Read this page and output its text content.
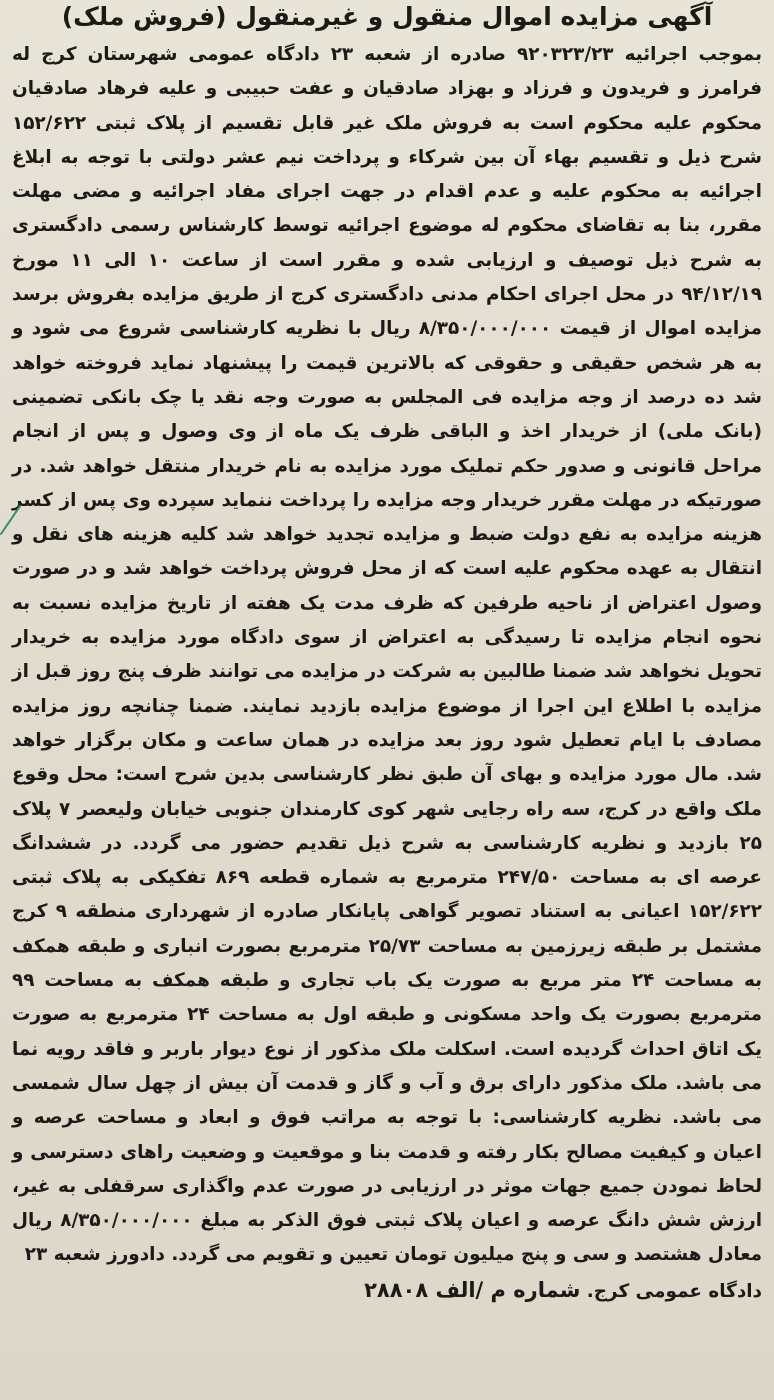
آگهی مزایده اموال منقول و غیرمنقول (فروش ملک)

بموجب اجرائیه ۹۲۰۳۲۳/۲۳ صادره از شعبه ۲۳ دادگاه عمومی شهرستان کرج له فرامرز و فریدون و فرزاد و بهزاد صادقیان و عفت حبیبی و علیه فرهاد صادقیان محکوم علیه محکوم است به فروش ملک غیر قابل تقسیم از پلاک ثبتی ۱۵۲/۶۲۲ شرح ذیل و تقسیم بهاء آن بین شرکاء و پرداخت نیم عشر دولتی با توجه به ابلاغ اجرائیه به محکوم علیه و عدم اقدام در جهت اجرای مفاد اجرائیه و مضی مهلت مقرر، بنا به تقاضای محکوم له موضوع اجرائیه توسط کارشناس رسمی دادگستری به شرح ذیل توصیف و ارزیابی شده و مقرر است از ساعت ۱۰ الی ۱۱ مورخ ۹۴/۱۲/۱۹ در محل اجرای احکام مدنی دادگستری کرج از طریق مزایده بفروش برسد مزایده اموال از قیمت ۸/۳۵۰/۰۰۰/۰۰۰ ریال با نظریه کارشناسی شروع می شود و به هر شخص حقیقی و حقوقی که بالاترین قیمت را پیشنهاد نماید فروخته خواهد شد ده درصد از وجه مزایده فی المجلس به صورت وجه نقد یا چک بانکی تضمینی (بانک ملی) از خریدار اخذ و الباقی ظرف یک ماه از وی وصول و پس از انجام مراحل قانونی و صدور حکم تملیک مورد مزایده به نام خریدار منتقل خواهد شد. در صورتیکه در مهلت مقرر خریدار وجه مزایده را پرداخت ننماید سپرده وی پس از کسر هزینه مزایده به نفع دولت ضبط و مزایده تجدید خواهد شد کلیه هزینه های نقل و انتقال به عهده محکوم علیه است که از محل فروش پرداخت خواهد شد و در صورت وصول اعتراض از ناحیه طرفین که ظرف مدت یک هفته از تاریخ مزایده نسبت به نحوه انجام مزایده تا رسیدگی به اعتراض از سوی دادگاه مورد مزایده به خریدار تحویل نخواهد شد ضمنا طالبین به شرکت در مزایده می توانند ظرف پنج روز قبل از مزایده با اطلاع این اجرا از موضوع مزایده بازدید نمایند. ضمنا چنانچه روز مزایده مصادف با ایام تعطیل شود روز بعد مزایده در همان ساعت و مکان برگزار خواهد شد. مال مورد مزایده و بهای آن طبق نظر کارشناسی بدین شرح است: محل وقوع ملک واقع در کرج، سه راه رجایی شهر کوی کارمندان جنوبی خیابان ولیعصر ۷ پلاک ۲۵ بازدید و نظریه کارشناسی به شرح ذیل تقدیم حضور می گردد. در ششدانگ عرصه ای به مساحت ۲۴۷/۵۰ مترمربع به شماره قطعه ۸۶۹ تفکیکی به پلاک ثبتی ۱۵۲/۶۲۲ اعیانی به استناد تصویر گواهی پایانکار صادره از شهرداری منطقه ۹ کرج مشتمل بر طبقه زیرزمین به مساحت ۲۵/۷۳ مترمربع بصورت انباری و طبقه همکف به مساحت ۲۴ متر مربع به صورت یک باب تجاری و طبقه همکف به مساحت ۹۹ مترمربع بصورت یک واحد مسکونی و طبقه اول به مساحت ۲۴ مترمربع به صورت یک اتاق احداث گردیده است. اسکلت ملک مذکور از نوع دیوار باربر و فاقد رویه نما می باشد. ملک مذکور دارای برق و آب و گاز و قدمت آن بیش از چهل سال شمسی می باشد. نظریه کارشناسی: با توجه به مراتب فوق و ابعاد و مساحت عرصه و اعیان و کیفیت مصالح بکار رفته و قدمت بنا و موقعیت و وضعیت راهای دسترسی و لحاظ نمودن جمیع جهات موثر در ارزیابی در صورت عدم واگذاری سرقفلی به غیر، ارزش شش دانگ عرصه و اعیان پلاک ثبتی فوق الذکر به مبلغ ۸/۳۵۰/۰۰۰/۰۰۰ ریال معادل هشتصد و سی و پنج میلیون تومان تعیین و تقویم می گردد. دادورز شعبه ۲۳

دادگاه عمومی کرج. شماره م /الف ۲۸۸۰۸
